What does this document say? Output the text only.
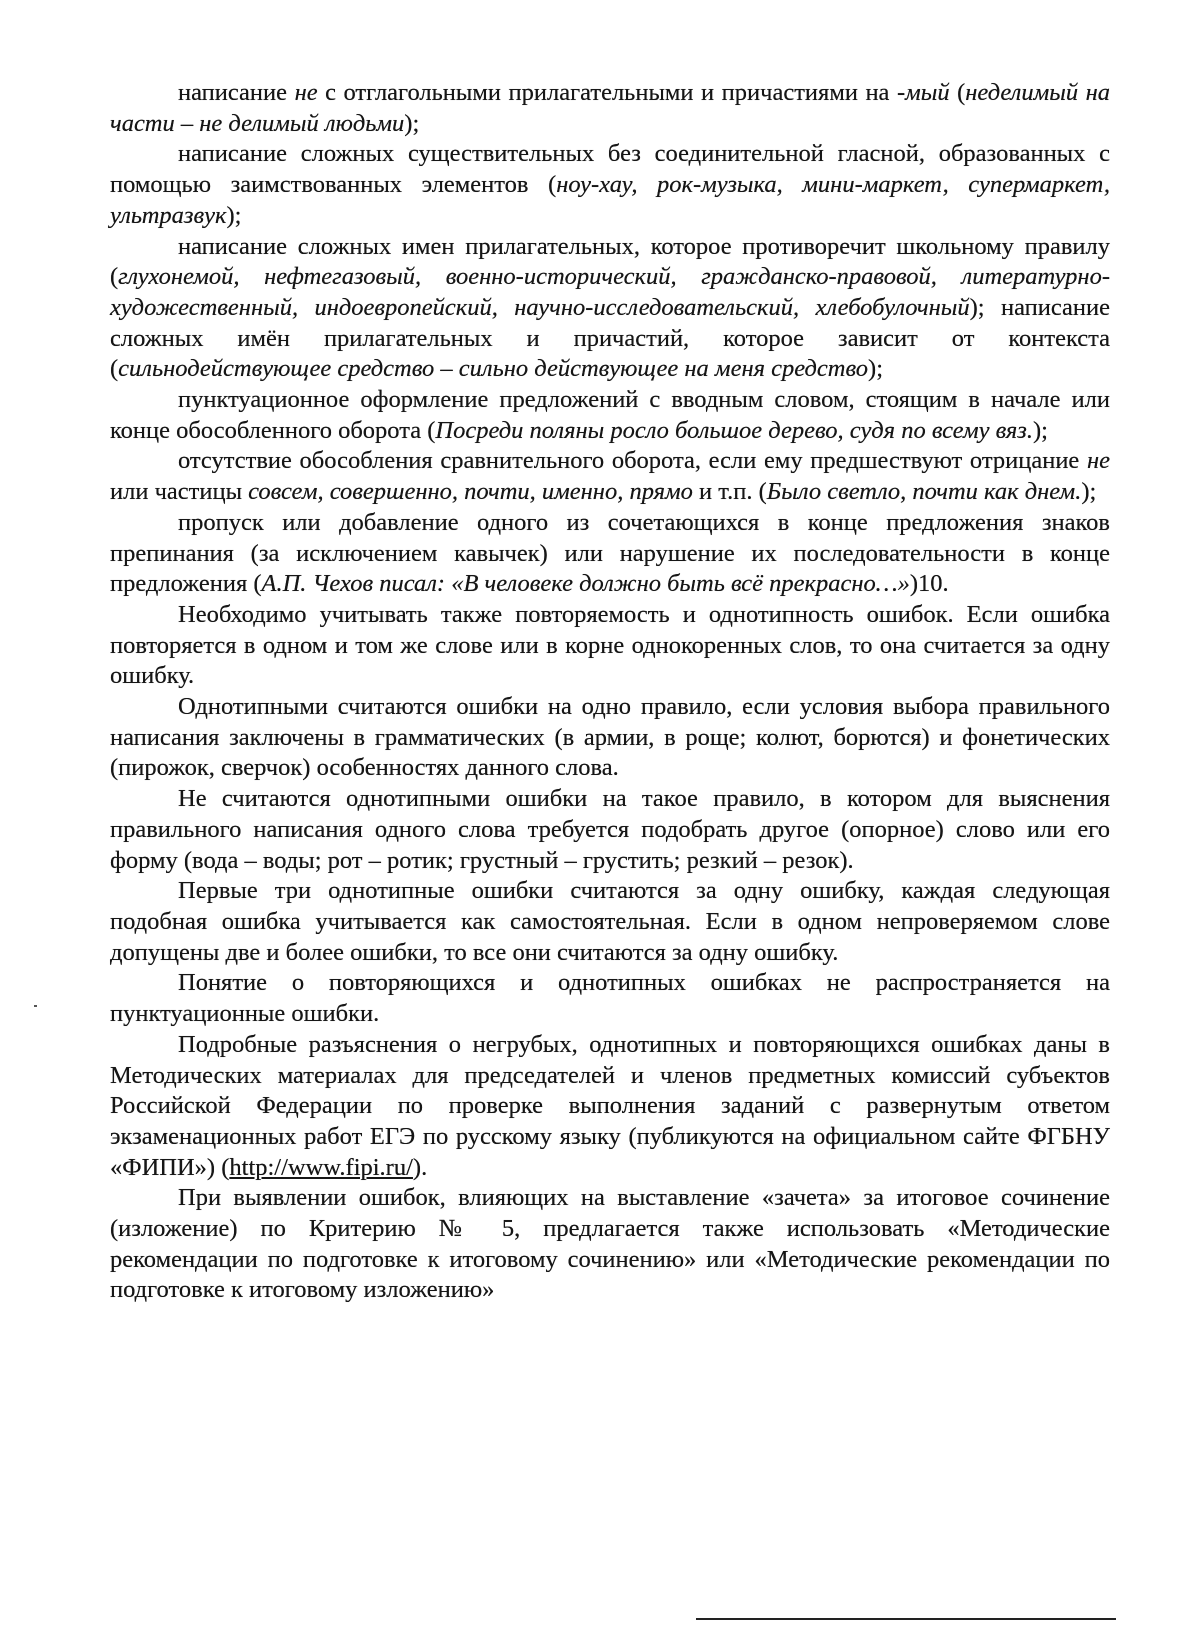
написание не с отглагольными прилагательными и причастиями на -мый (неделимый на части – не делимый людьми);

написание сложных существительных без соединительной гласной, образованных с помощью заимствованных элементов (ноу-хау, рок-музыка, мини-маркет, супермаркет, ультразвук);

написание сложных имен прилагательных, которое противоречит школьному правилу (глухонемой, нефтегазовый, военно-исторический, гражданско-правовой, литературно-художественный, индоевропейский, научно-исследовательский, хлебобулочный); написание сложных имён прилагательных и причастий, которое зависит от контекста (сильнодействующее средство – сильно действующее на меня средство);

пунктуационное оформление предложений с вводным словом, стоящим в начале или конце обособленного оборота (Посреди поляны росло большое дерево, судя по всему вяз.);

отсутствие обособления сравнительного оборота, если ему предшествуют отрицание не или частицы совсем, совершенно, почти, именно, прямо и т.п. (Было светло, почти как днем.);

пропуск или добавление одного из сочетающихся в конце предложения знаков препинания (за исключением кавычек) или нарушение их последовательности в конце предложения (А.П. Чехов писал: «В человеке должно быть всё прекрасно…»)10.

Необходимо учитывать также повторяемость и однотипность ошибок. Если ошибка повторяется в одном и том же слове или в корне однокоренных слов, то она считается за одну ошибку.

Однотипными считаются ошибки на одно правило, если условия выбора правильного написания заключены в грамматических (в армии, в роще; колют, борются) и фонетических (пирожок, сверчок) особенностях данного слова.

Не считаются однотипными ошибки на такое правило, в котором для выяснения правильного написания одного слова требуется подобрать другое (опорное) слово или его форму (вода – воды; рот – ротик; грустный – грустить; резкий – резок).

Первые три однотипные ошибки считаются за одну ошибку, каждая следующая подобная ошибка учитывается как самостоятельная. Если в одном непроверяемом слове допущены две и более ошибки, то все они считаются за одну ошибку.

Понятие о повторяющихся и однотипных ошибках не распространяется на пунктуационные ошибки.

Подробные разъяснения о негрубых, однотипных и повторяющихся ошибках даны в Методических материалах для председателей и членов предметных комиссий субъектов Российской Федерации по проверке выполнения заданий с развернутым ответом экзаменационных работ ЕГЭ по русскому языку (публикуются на официальном сайте ФГБНУ «ФИПИ») (http://www.fipi.ru/).

При выявлении ошибок, влияющих на выставление «зачета» за итоговое сочинение (изложение) по Критерию № 5, предлагается также использовать «Методические рекомендации по подготовке к итоговому сочинению» или «Методические рекомендации по подготовке к итоговому изложению»
